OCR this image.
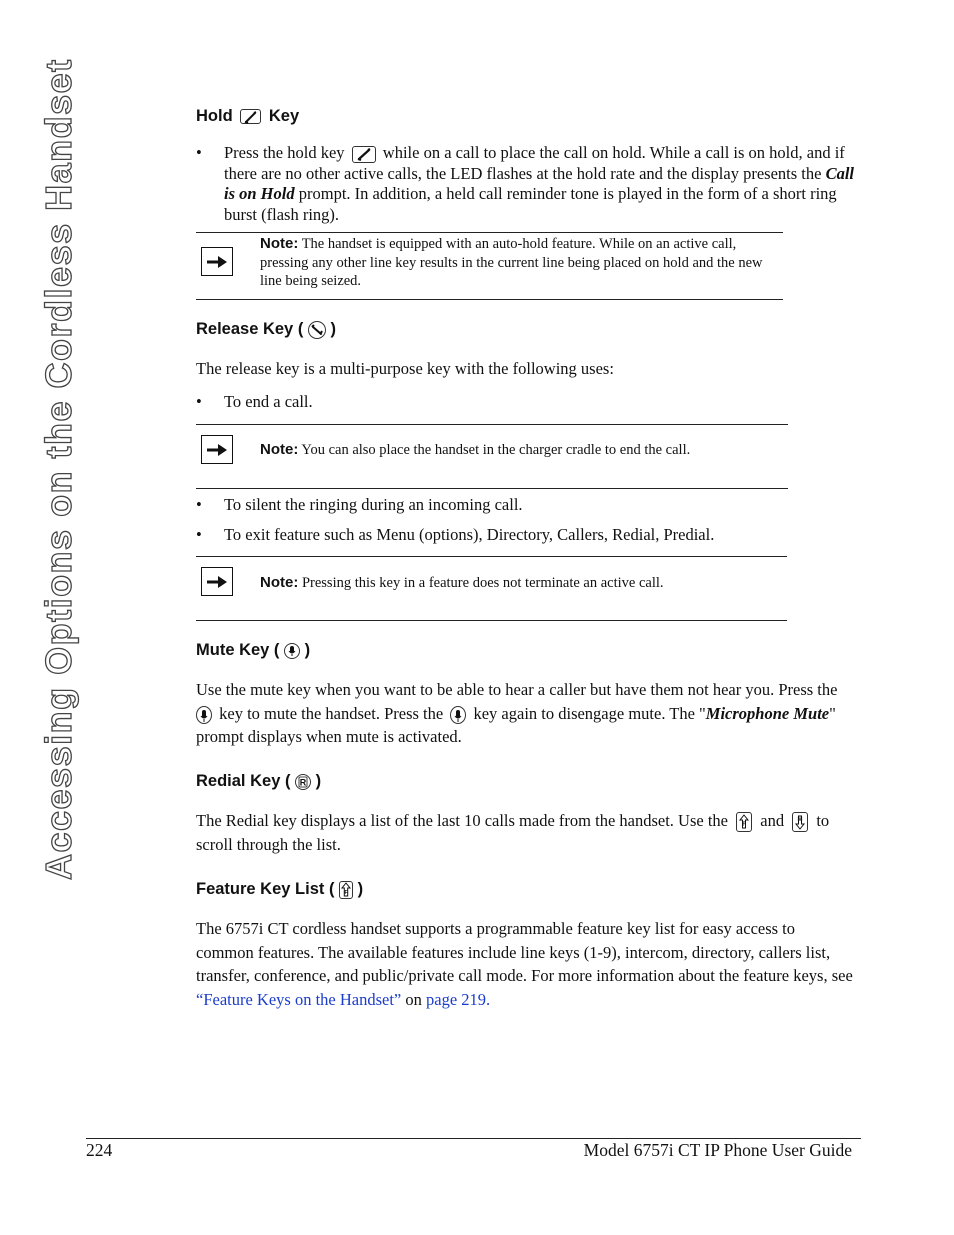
Accessing Options on the Cordless Handset	Hold Key
• Press the hold key while on a call to place the call on hold. While a call is on hold, and if there are no other active calls, the LED flashes at the hold rate and the display presents the Call is on Hold prompt. In addition, a held call reminder tone is played in the form of a short ring burst (flash ring).
Note: The handset is equipped with an auto-hold feature. While on an active call, pressing any other line key results in the current line being placed on hold and the new line being seized.
Release Key ( )
The release key is a multi-purpose key with the following uses:
• To end a call.
Note: You can also place the handset in the charger cradle to end the call.
• To silent the ringing during an incoming call.
• To exit feature such as Menu (options), Directory, Callers, Redial, Predial.
Note: Pressing this key in a feature does not terminate an active call.
Mute Key ( )
Use the mute key when you want to be able to hear a caller but have them not hear you. Press the
key to mute the handset. Press the key again to disengage mute. The "Microphone Mute"
prompt displays when mute is activated.
Redial Key ( R )
The Redial key displays a list of the last 10 calls made from the handset. Use the F and M to
scroll through the list.
Feature Key List ( F )
The 6757i CT cordless handset supports a programmable feature key list for easy access to common features. The available features include line keys (1-9), intercom, directory, callers list, transfer, conference, and public/private call mode. For more information about the feature keys, see “Feature Keys on the Handset” on page 219.
224	Model 6757i CT IP Phone User Guide
